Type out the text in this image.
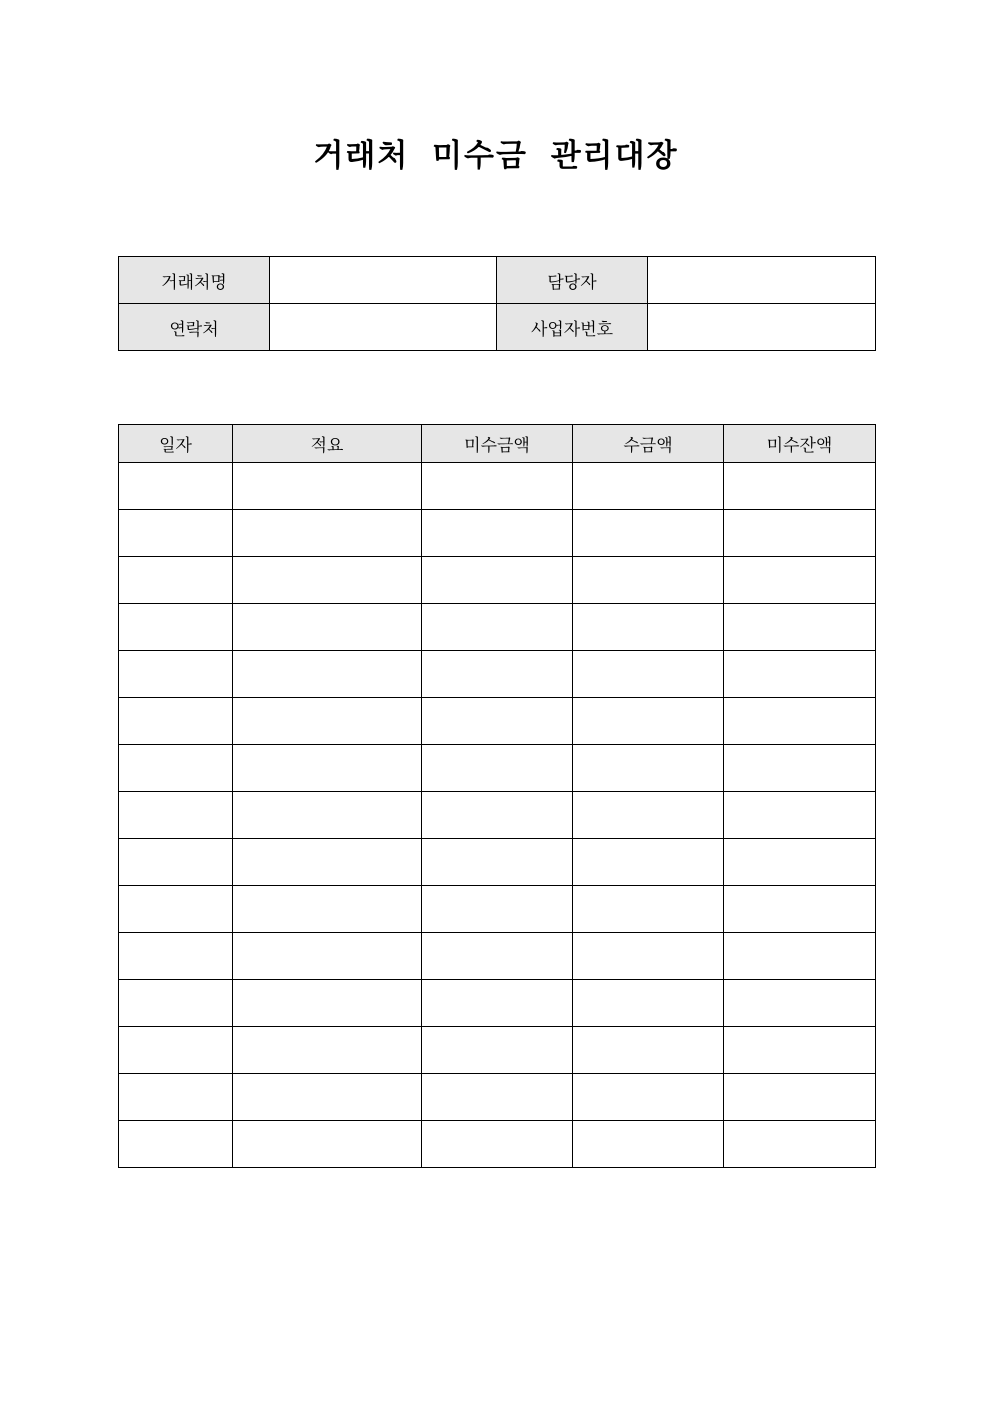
거래처 미수금 관리대장
거래처명		담당자	
연락처		사업자번호	
일자	적요	미수금액	수금액	미수잔액
